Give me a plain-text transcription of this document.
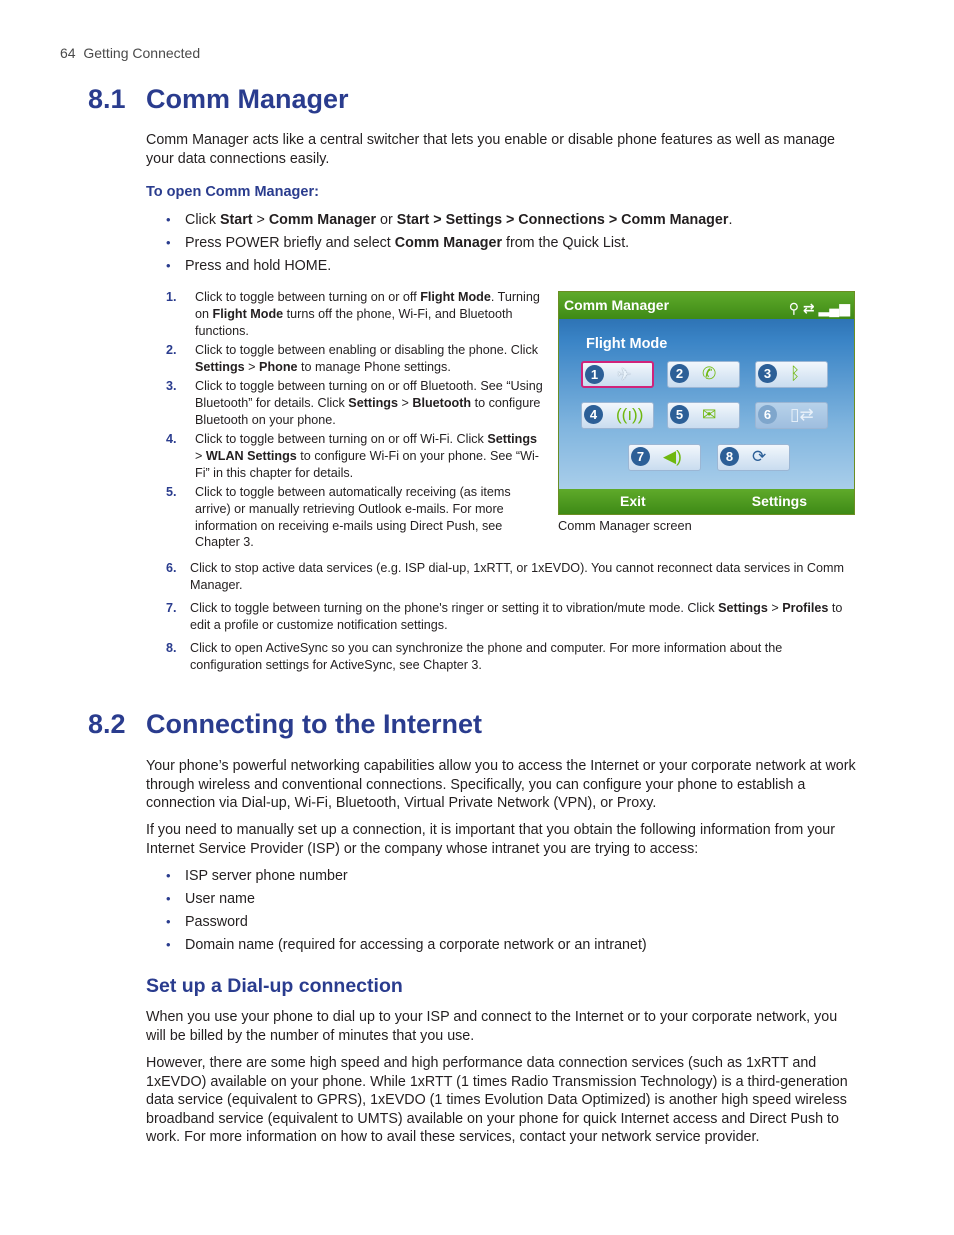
64 Getting Connected
8.1 Comm Manager

Comm Manager acts like a central switcher that lets you enable or disable phone features as well as manage your data connections easily.

To open Comm Manager:
• Click Start > Comm Manager or Start > Settings > Connections > Comm Manager.
• Press POWER briefly and select Comm Manager from the Quick List.
• Press and hold HOME.
1. Click to toggle between turning on or off Flight Mode. Turning on Flight Mode turns off the phone, Wi-Fi, and Bluetooth functions.
2. Click to toggle between enabling or disabling the phone. Click Settings > Phone to manage Phone settings.
3. Click to toggle between turning on or off Bluetooth. See “Using Bluetooth” for details. Click Settings > Bluetooth to configure Bluetooth on your phone.
4. Click to toggle between turning on or off Wi-Fi. Click Settings > WLAN Settings to configure Wi-Fi on your phone. See “Wi-Fi” in this chapter for details.
5. Click to toggle between automatically receiving (as items arrive) or manually retrieving Outlook e-mails. For more information on receiving e-mails using Direct Push, see Chapter 3.
Comm Manager	⚲ ⇄ ▂▄▆
Flight Mode
1	✈	2	✆	3	ᛒ
4	((ı))	5	✉	6	▯⇄
7	◀)	8	⟳
Exit	Settings
Comm Manager screen
6. Click to stop active data services (e.g. ISP dial-up, 1xRTT, or 1xEVDO). You cannot reconnect data services in Comm Manager.
7. Click to toggle between turning on the phone's ringer or setting it to vibration/mute mode. Click Settings > Profiles to edit a profile or customize notification settings.
8. Click to open ActiveSync so you can synchronize the phone and computer. For more information about the configuration settings for ActiveSync, see Chapter 3.
8.2 Connecting to the Internet

Your phone’s powerful networking capabilities allow you to access the Internet or your corporate network at work through wireless and conventional connections. Specifically, you can configure your phone to establish a connection via Dial-up, Wi-Fi, Bluetooth, Virtual Private Network (VPN), or Proxy.

If you need to manually set up a connection, it is important that you obtain the following information from your Internet Service Provider (ISP) or the company whose intranet you are trying to access:

• ISP server phone number
• User name
• Password
• Domain name (required for accessing a corporate network or an intranet)
Set up a Dial-up connection

When you use your phone to dial up to your ISP and connect to the Internet or to your corporate network, you will be billed by the number of minutes that you use.

However, there are some high speed and high performance data connection services (such as 1xRTT and 1xEVDO) available on your phone. While 1xRTT (1 times Radio Transmission Technology) is a third-generation data service (equivalent to GPRS), 1xEVDO (1 times Evolution Data Optimized) is another high speed wireless broadband service (equivalent to UMTS) available on your phone for quick Internet access and Direct Push to work. For more information on how to avail these services, contact your network service provider.
